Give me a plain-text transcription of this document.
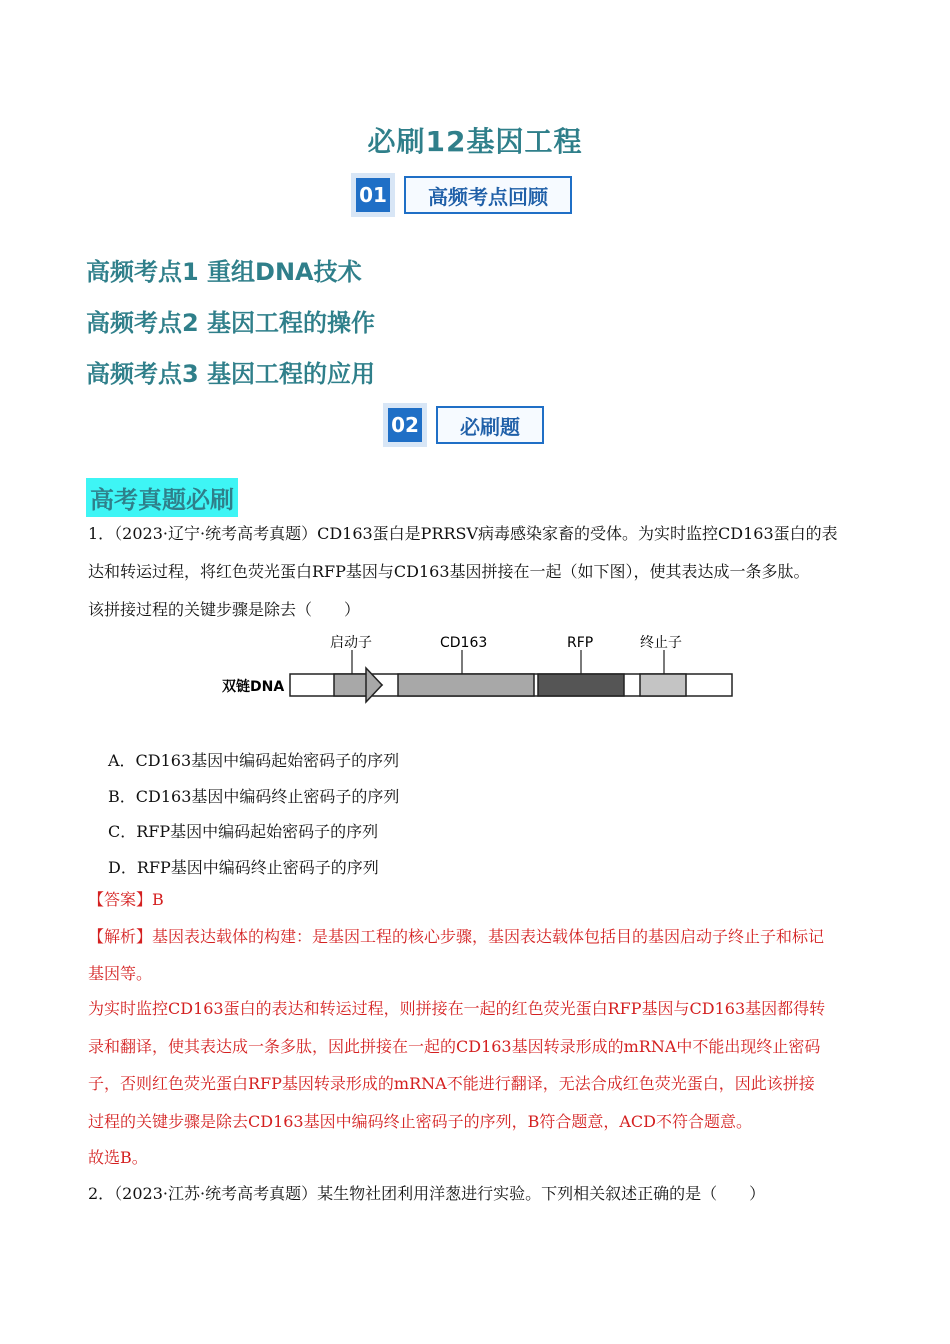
必刷12基因工程
01	高频考点回顾
高频考点1 重组DNA技术
高频考点2 基因工程的操作
高频考点3 基因工程的应用
02	必刷题
高考真题必刷
1．（2023·辽宁·统考高考真题）CD163蛋白是PRRSV病毒感染家畜的受体。为实时监控CD163蛋白的表
达和转运过程，将红色荧光蛋白RFP基因与CD163基因拼接在一起（如下图），使其表达成一条多肽。
该拼接过程的关键步骤是除去（　　）
双链DNA
启动子	CD163	RFP	终止子
A．CD163基因中编码起始密码子的序列
B．CD163基因中编码终止密码子的序列
C．RFP基因中编码起始密码子的序列
D．RFP基因中编码终止密码子的序列
【答案】B
【解析】基因表达载体的构建：是基因工程的核心步骤，基因表达载体包括目的基因启动子终止子和标记
基因等。
为实时监控CD163蛋白的表达和转运过程，则拼接在一起的红色荧光蛋白RFP基因与CD163基因都得转
录和翻译，使其表达成一条多肽，因此拼接在一起的CD163基因转录形成的mRNA中不能出现终止密码
子，否则红色荧光蛋白RFP基因转录形成的mRNA不能进行翻译，无法合成红色荧光蛋白，因此该拼接
过程的关键步骤是除去CD163基因中编码终止密码子的序列，B符合题意，ACD不符合题意。
故选B。
2．（2023·江苏·统考高考真题）某生物社团利用洋葱进行实验。下列相关叙述正确的是（　　）
